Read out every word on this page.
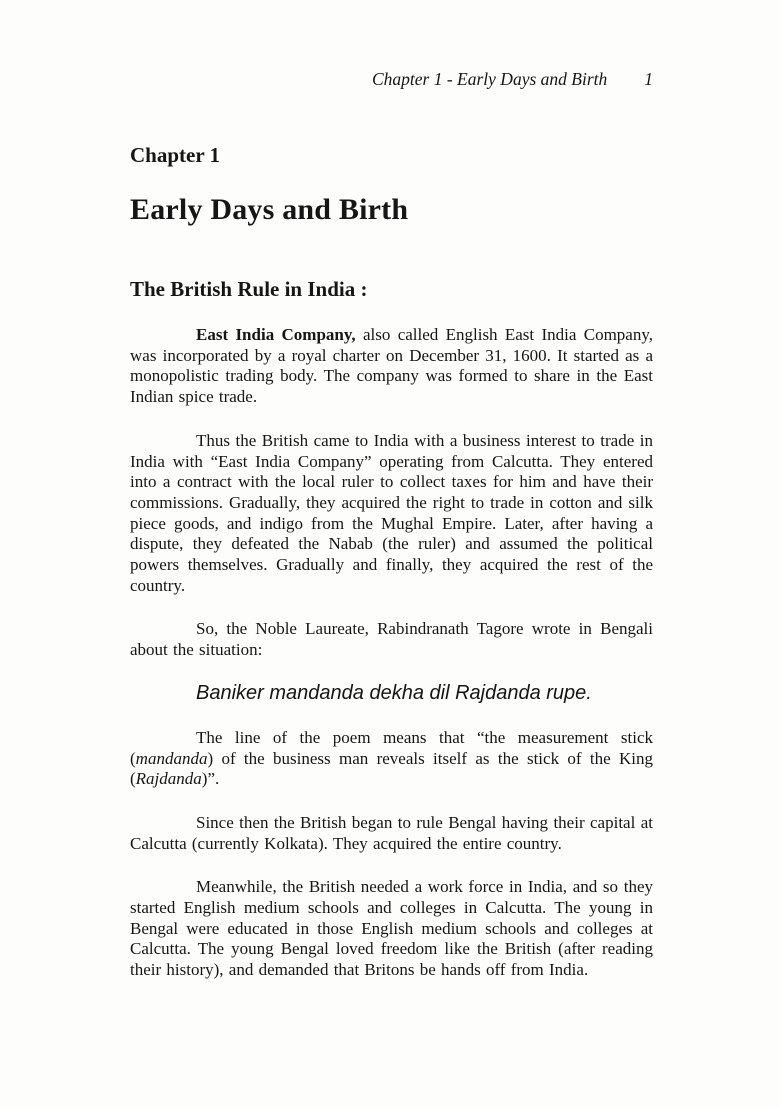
Chapter 1 - Early Days and Birth 1
Chapter 1
Early Days and Birth
The British Rule in India :

East India Company, also called English East India Company, was incorporated by a royal charter on December 31, 1600. It started as a monopolistic trading body. The company was formed to share in the East Indian spice trade.

Thus the British came to India with a business interest to trade in India with “East India Company” operating from Calcutta. They entered into a contract with the local ruler to collect taxes for him and have their commissions. Gradually, they acquired the right to trade in cotton and silk piece goods, and indigo from the Mughal Empire. Later, after having a dispute, they defeated the Nabab (the ruler) and assumed the political powers themselves. Gradually and finally, they acquired the rest of the country.

So, the Noble Laureate, Rabindranath Tagore wrote in Bengali about the situation:

Baniker mandanda dekha dil Rajdanda rupe.

The line of the poem means that “the measurement stick (mandanda) of the business man reveals itself as the stick of the King (Rajdanda)”.

Since then the British began to rule Bengal having their capital at Calcutta (currently Kolkata). They acquired the entire country.

Meanwhile, the British needed a work force in India, and so they started English medium schools and colleges in Calcutta. The young in Bengal were educated in those English medium schools and colleges at Calcutta. The young Bengal loved freedom like the British (after reading their history), and demanded that Britons be hands off from India.
